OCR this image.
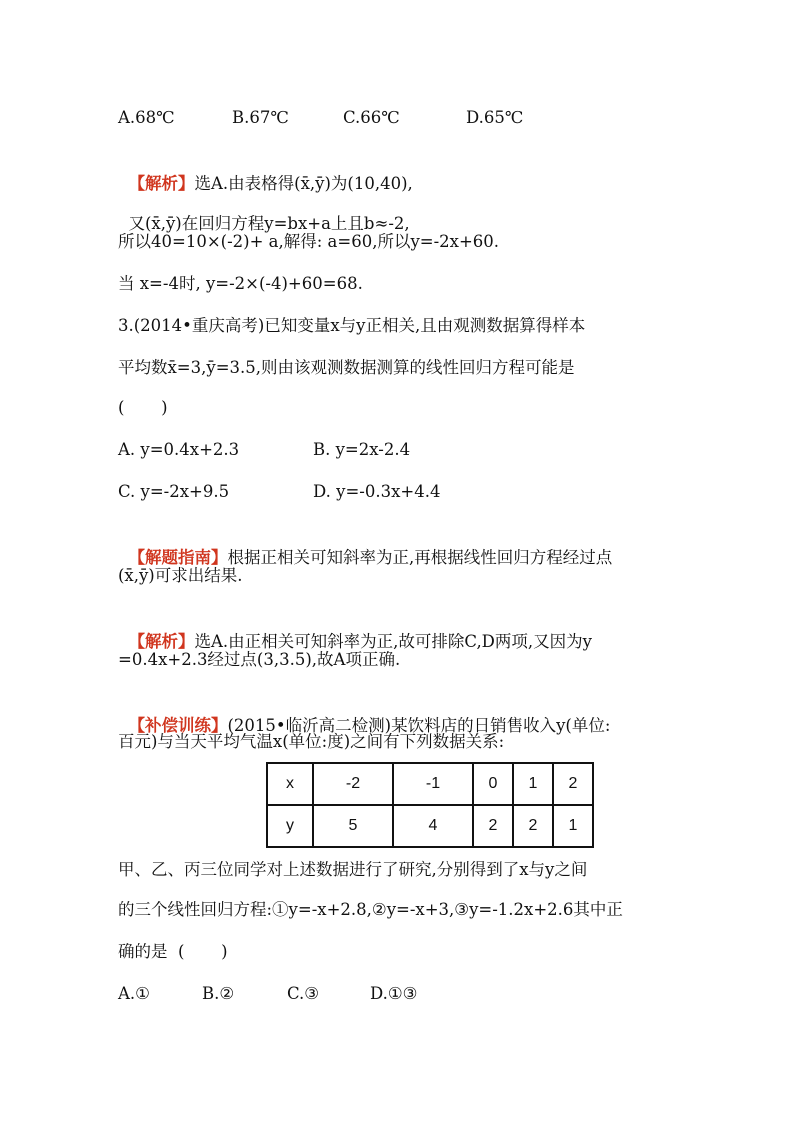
A.68℃	B.67℃	C.66℃	D.65℃

【解析】选A.由表格得(x̄,ȳ)为(10,40),

又(x̄,ȳ)在回归方程y=bx+a上且b≈-2,

所以40=10×(-2)+ a,解得: a=60,所以y=-2x+60.
当 x=-4时, y=-2×(-4)+60=68.
3.(2014•重庆高考)已知变量x与y正相关,且由观测数据算得样本
平均数x̄=3,ȳ=3.5,则由该观测数据测算的线性回归方程可能是
(       )
A. y=0.4x+2.3	B. y=2x-2.4
C. y=-2x+9.5	D. y=-0.3x+4.4

【解题指南】根据正相关可知斜率为正,再根据线性回归方程经过点

(x̄,ȳ)可求出结果.

【解析】选A.由正相关可知斜率为正,故可排除C,D两项,又因为y

=0.4x+2.3经过点(3,3.5),故A项正确.

【补偿训练】(2015•临沂高二检测)某饮料店的日销售收入y(单位:

百元)与当天平均气温x(单位:度)之间有下列数据关系:
x	-2	-1	0	1	2
y	5	4	2	2	1
甲、乙、丙三位同学对上述数据进行了研究,分别得到了x与y之间
的三个线性回归方程:①y=-x+2.8,②y=-x+3,③y=-1.2x+2.6其中正
确的是  (       )
A.①	B.②	C.③	D.①③
